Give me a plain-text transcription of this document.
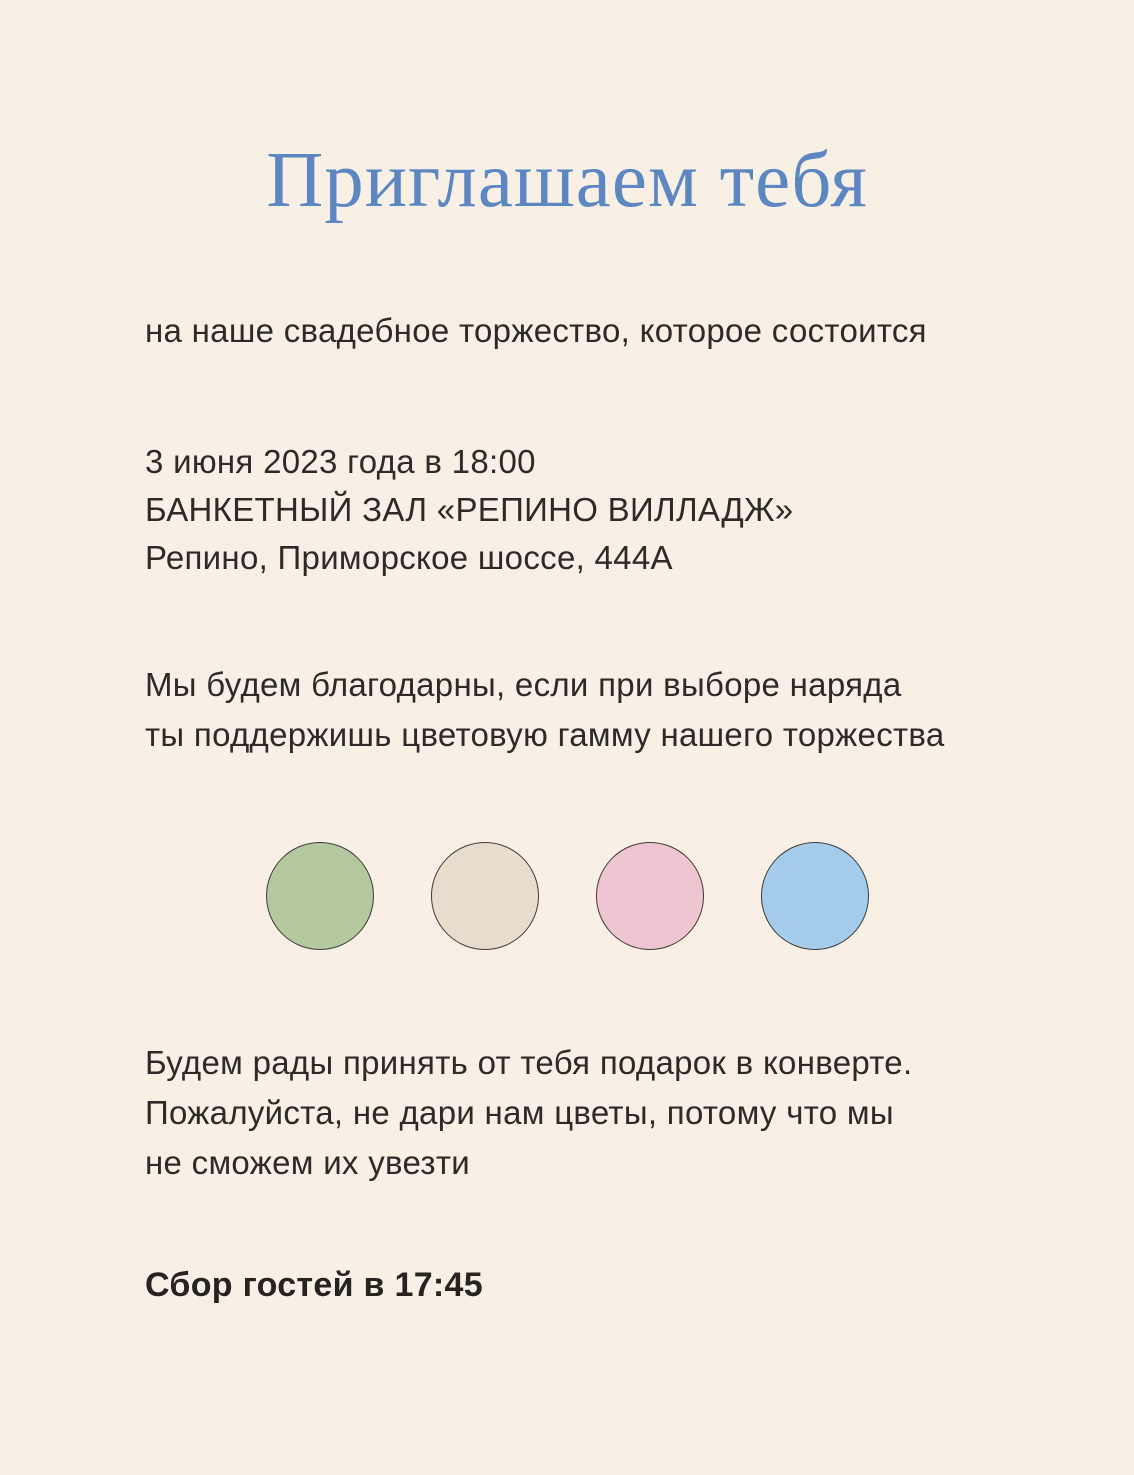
Приглашаем тебя

на наше свадебное торжество, которое состоится

3 июня 2023 года в 18:00
БАНКЕТНЫЙ ЗАЛ «РЕПИНО ВИЛЛАДЖ»
Репино, Приморское шоссе, 444А
Мы будем благодарны, если при выборе наряда
ты поддержишь цветовую гамму нашего торжества
Будем рады принять от тебя подарок в конверте.
Пожалуйста, не дари нам цветы, потому что мы
не сможем их увезти

Сбор гостей в 17:45
